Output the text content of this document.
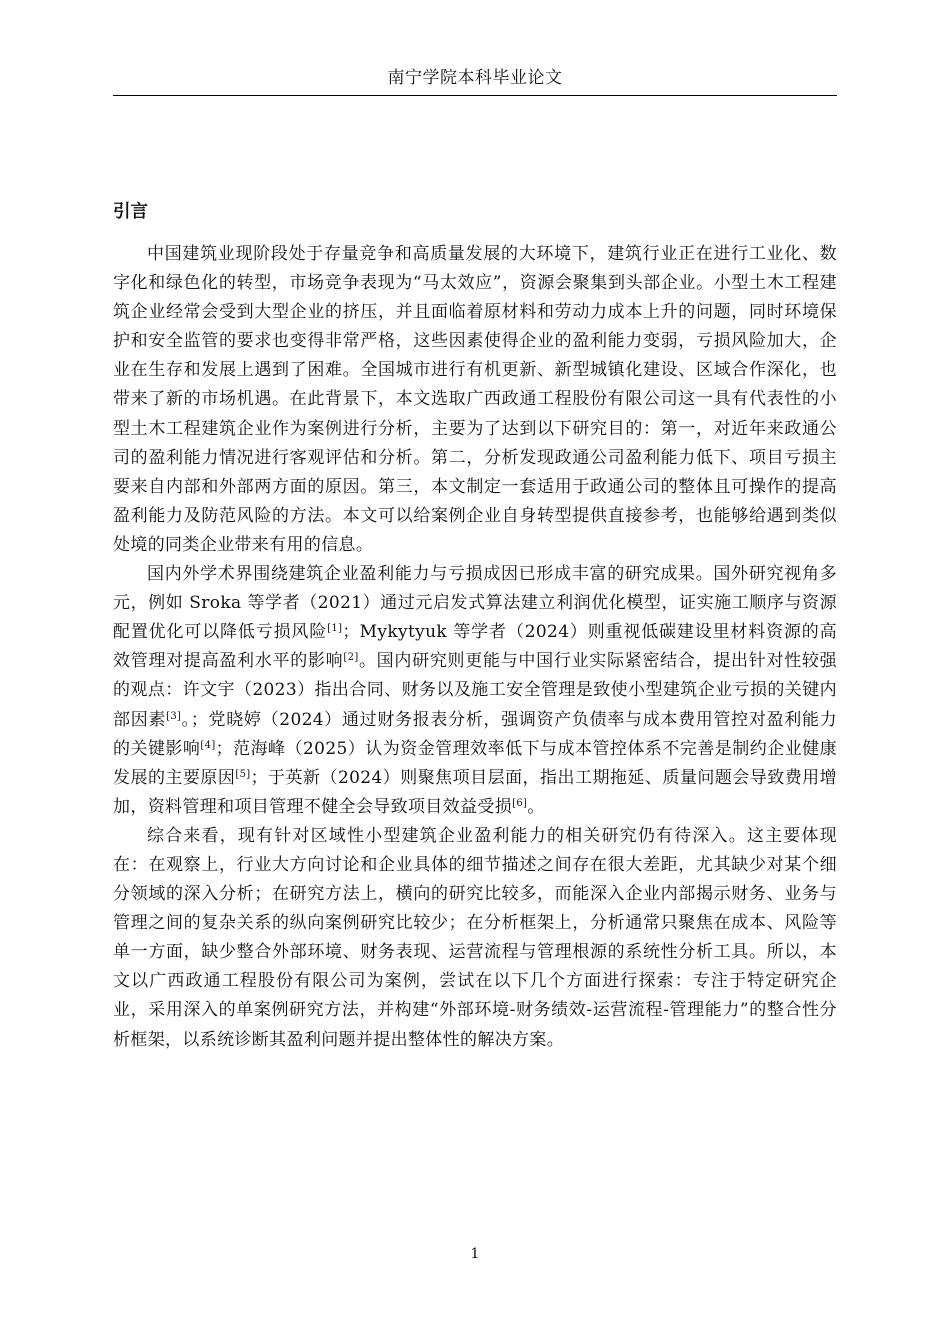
南宁学院本科毕业论文
引言

中国建筑业现阶段处于存量竞争和高质量发展的大环境下，建筑行业正在进行工业化、数字化和绿色化的转型，市场竞争表现为“马太效应”，资源会聚集到头部企业。小型土木工程建筑企业经常会受到大型企业的挤压，并且面临着原材料和劳动力成本上升的问题，同时环境保护和安全监管的要求也变得非常严格，这些因素使得企业的盈利能力变弱，亏损风险加大，企业在生存和发展上遇到了困难。全国城市进行有机更新、新型城镇化建设、区域合作深化，也带来了新的市场机遇。在此背景下，本文选取广西政通工程股份有限公司这一具有代表性的小型土木工程建筑企业作为案例进行分析，主要为了达到以下研究目的：第一，对近年来政通公司的盈利能力情况进行客观评估和分析。第二，分析发现政通公司盈利能力低下、项目亏损主要来自内部和外部两方面的原因。第三，本文制定一套适用于政通公司的整体且可操作的提高盈利能力及防范风险的方法。本文可以给案例企业自身转型提供直接参考，也能够给遇到类似处境的同类企业带来有用的信息。

国内外学术界围绕建筑企业盈利能力与亏损成因已形成丰富的研究成果。国外研究视角多元，例如 Sroka 等学者（2021）通过元启发式算法建立利润优化模型，证实施工顺序与资源配置优化可以降低亏损风险[1]；Mykytyuk 等学者（2024）则重视低碳建设里材料资源的高效管理对提高盈利水平的影响[2]。国内研究则更能与中国行业实际紧密结合，提出针对性较强的观点：许文宇（2023）指出合同、财务以及施工安全管理是致使小型建筑企业亏损的关键内部因素[3]。；党晓婷（2024）通过财务报表分析，强调资产负债率与成本费用管控对盈利能力的关键影响[4]；范海峰（2025）认为资金管理效率低下与成本管控体系不完善是制约企业健康发展的主要原因[5]；于英新（2024）则聚焦项目层面，指出工期拖延、质量问题会导致费用增加，资料管理和项目管理不健全会导致项目效益受损[6]。

综合来看，现有针对区域性小型建筑企业盈利能力的相关研究仍有待深入。这主要体现在：在观察上，行业大方向讨论和企业具体的细节描述之间存在很大差距，尤其缺少对某个细分领域的深入分析；在研究方法上，横向的研究比较多，而能深入企业内部揭示财务、业务与管理之间的复杂关系的纵向案例研究比较少；在分析框架上，分析通常只聚焦在成本、风险等单一方面，缺少整合外部环境、财务表现、运营流程与管理根源的系统性分析工具。所以，本文以广西政通工程股份有限公司为案例，尝试在以下几个方面进行探索：专注于特定研究企业，采用深入的单案例研究方法，并构建“外部环境-财务绩效-运营流程-管理能力”的整合性分析框架，以系统诊断其盈利问题并提出整体性的解决方案。

1
